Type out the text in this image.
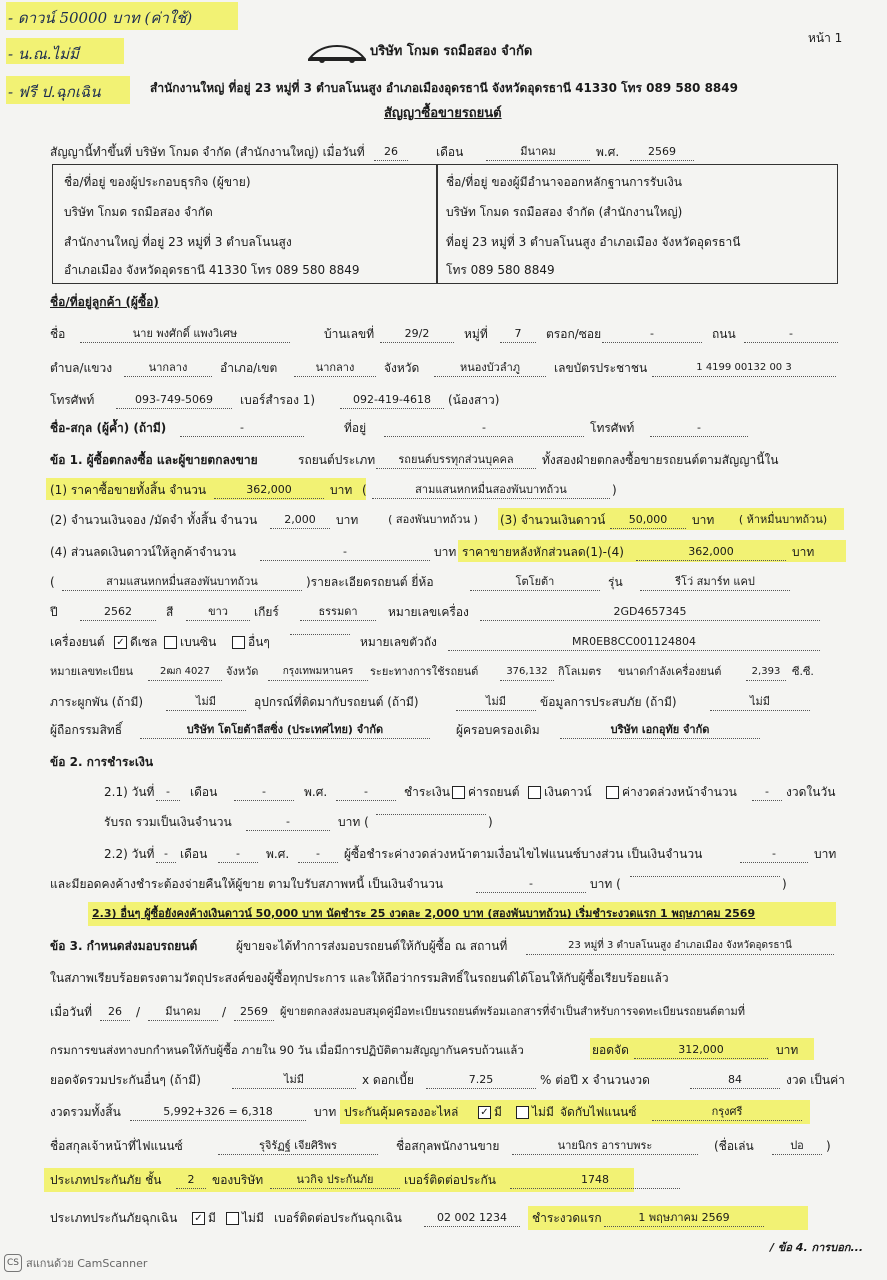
- ดาวน์ 50000 บาท (ค่าใช้)
- น.ณ.ไม่มี
- ฟรี ป.ฉุกเฉิน
หน้า 1
บริษัท โกมด รถมือสอง จำกัด
สำนักงานใหญ่ ที่อยู่ 23 หมู่ที่ 3 ตำบลโนนสูง อำเภอเมืองอุดรธานี จังหวัดอุดรธานี 41330 โทร 089 580 8849
สัญญาซื้อขายรถยนต์
สัญญานี้ทำขึ้นที่ บริษัท โกมด จำกัด (สำนักงานใหญ่) เมื่อวันที่	26	เดือน	มีนาคม	พ.ศ.	2569
ชื่อ/ที่อยู่ ของผู้ประกอบธุรกิจ (ผู้ขาย)
บริษัท โกมด รถมือสอง จำกัด
สำนักงานใหญ่ ที่อยู่ 23 หมู่ที่ 3 ตำบลโนนสูง
อำเภอเมือง จังหวัดอุดรธานี 41330 โทร 089 580 8849
ชื่อ/ที่อยู่ ของผู้มีอำนาจออกหลักฐานการรับเงิน
บริษัท โกมด รถมือสอง จำกัด (สำนักงานใหญ่)
ที่อยู่ 23 หมู่ที่ 3 ตำบลโนนสูง อำเภอเมือง จังหวัดอุดรธานี
โทร 089 580 8849
ชื่อ/ที่อยู่ลูกค้า (ผู้ซื้อ)
ชื่อ	นาย พงศักดิ์ แพงวิเศษ	บ้านเลขที่	29/2	หมู่ที่	7	ตรอก/ซอย	-	ถนน	-
ตำบล/แขวง	นากลาง	อำเภอ/เขต	นากลาง	จังหวัด	หนองบัวลำภู	เลขบัตรประชาชน	1 4199 00132 00 3
โทรศัพท์	093-749-5069	เบอร์สำรอง 1)	092-419-4618	(น้องสาว)
ชื่อ-สกุล (ผู้ค้ำ) (ถ้ามี)	-	ที่อยู่	-	โทรศัพท์	-
ข้อ 1. ผู้ซื้อตกลงซื้อ และผู้ขายตกลงขาย	รถยนต์ประเภท	รถยนต์บรรทุกส่วนบุคคล	ทั้งสองฝ่ายตกลงซื้อขายรถยนต์ตามสัญญานี้ใน
(1) ราคาซื้อขายทั้งสิ้น จำนวน	362,000	บาท (	สามแสนหกหมื่นสองพันบาทถ้วน	)
(2) จำนวนเงินจอง /มัดจำ ทั้งสิ้น จำนวน	2,000	บาท	( สองพันบาทถ้วน )	(3) จำนวนเงินดาวน์	50,000	บาท	( ห้าหมื่นบาทถ้วน)
(4) ส่วนลดเงินดาวน์ให้ลูกค้าจำนวน	-	บาท ราคาขายหลังหักส่วนลด(1)-(4)	362,000	บาท
(	สามแสนหกหมื่นสองพันบาทถ้วน	)รายละเอียดรถยนต์ ยี่ห้อ	โตโยต้า	รุ่น	รีโว่ สมาร์ท แคป
ปี	2562	สี	ขาว	เกียร์	ธรรมดา	หมายเลขเครื่อง	2GD4657345
เครื่องยนต์ ✓ ดีเซล เบนซิน	อื่นๆ	หมายเลขตัวถัง	MR0EB8CC001124804
หมายเลขทะเบียน	2ฒก 4027	จังหวัด	กรุงเทพมหานคร	ระยะทางการใช้รถยนต์	376,132 กิโลเมตร ขนาดกำลังเครื่องยนต์	2,393	ซี.ซี.
ภาระผูกพัน (ถ้ามี)	ไม่มี	อุปกรณ์ที่ติดมากับรถยนต์ (ถ้ามี)	ไม่มี	ข้อมูลการประสบภัย (ถ้ามี)	ไม่มี
ผู้ถือกรรมสิทธิ์	บริษัท โตโยต้าลีสซิ่ง (ประเทศไทย) จำกัด	ผู้ครอบครองเดิม	บริษัท เอกอุทัย จำกัด
ข้อ 2. การชำระเงิน
2.1) วันที่	-	เดือน	-	พ.ศ.	-	ชำระเงิน ค่ารถยนต์ เงินดาวน์	ค่างวดล่วงหน้าจำนวน	-	งวดในวัน
รับรถ รวมเป็นเงินจำนวน	-	บาท (	)
2.2) วันที่ -	เดือน	-	พ.ศ.	-	ผู้ซื้อชำระค่างวดล่วงหน้าตามเงื่อนไขไฟแนนซ์บางส่วน เป็นเงินจำนวน	-	บาท
และมียอดคงค้างชำระต้องจ่ายคืนให้ผู้ขาย ตามใบรับสภาพหนี้ เป็นเงินจำนวน	-	บาท (	)
2.3) อื่นๆ ผู้ซื้อยังคงค้างเงินดาวน์ 50,000 บาท นัดชำระ 25 งวดละ 2,000 บาท (สองพันบาทถ้วน) เริ่มชำระงวดแรก 1 พฤษภาคม 2569
ข้อ 3. กำหนดส่งมอบรถยนต์	ผู้ขายจะได้ทำการส่งมอบรถยนต์ให้กับผู้ซื้อ ณ สถานที่	23 หมู่ที่ 3 ตำบลโนนสูง อำเภอเมือง จังหวัดอุดรธานี
ในสภาพเรียบร้อยตรงตามวัตถุประสงค์ของผู้ซื้อทุกประการ และให้ถือว่ากรรมสิทธิ์ในรถยนต์ได้โอนให้กับผู้ซื้อเรียบร้อยแล้ว
เมื่อวันที่	26	/	มีนาคม	/	2569	ผู้ขายตกลงส่งมอบสมุดคู่มือทะเบียนรถยนต์พร้อมเอกสารที่จำเป็นสำหรับการจดทะเบียนรถยนต์ตามที่
กรมการขนส่งทางบกกำหนดให้กับผู้ซื้อ ภายใน 90 วัน เมื่อมีการปฏิบัติตามสัญญากันครบถ้วนแล้ว	ยอดจัด	312,000	บาท
ยอดจัดรวมประกันอื่นๆ (ถ้ามี)	ไม่มี	x ดอกเบี้ย	7.25	% ต่อปี x จำนวนงวด	84	งวด เป็นค่า
งวดรวมทั้งสิ้น	5,992+326 = 6,318	บาท ประกันคุ้มครองอะไหล่ ✓ มี	ไม่มี จัดกับไฟแนนซ์	กรุงศรี
ชื่อสกุลเจ้าหน้าที่ไฟแนนซ์	รุจิรัฏฐ์ เจียศิริพร	ชื่อสกุลพนักงานขาย	นายนิกร อาราบพระ	(ชื่อเล่น	ปอ	)
ประเภทประกันภัย ชั้น	2	ของบริษัท	นวกิจ ประกันภัย	เบอร์ติดต่อประกัน	1748
ประเภทประกันภัยฉุกเฉิน ✓ มี ไม่มี เบอร์ติดต่อประกันฉุกเฉิน	02 002 1234	ชำระงวดแรก	1 พฤษภาคม 2569
/ ข้อ 4. การบอก...
CS สแกนด้วย CamScanner
